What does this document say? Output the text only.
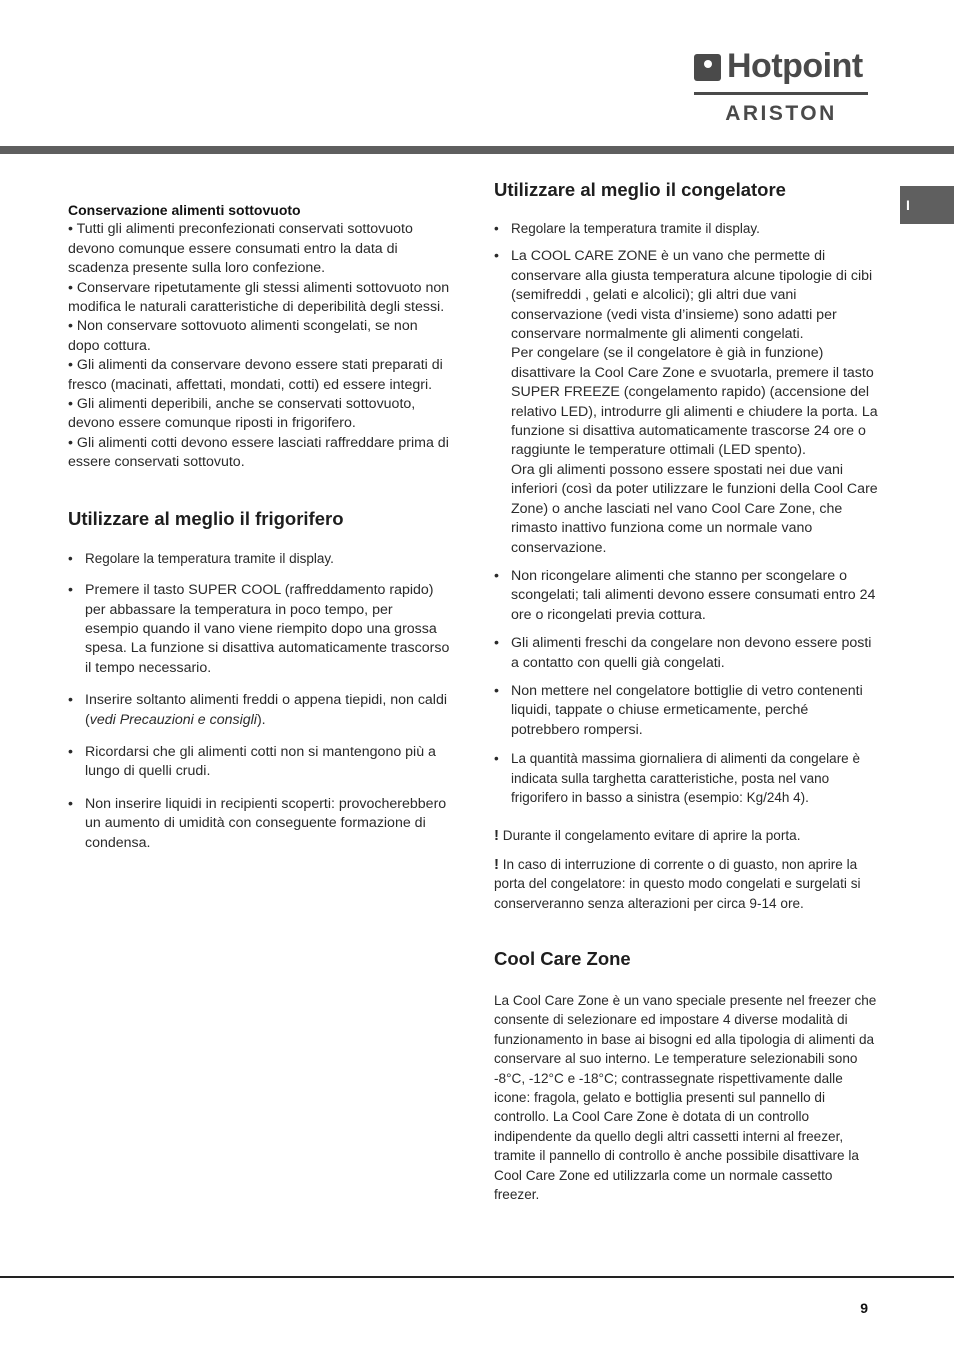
Hotpoint
ARISTON
I

Conservazione alimenti sottovuoto

• Tutti gli alimenti preconfezionati conservati sottovuoto devono comunque essere consumati entro la data di scadenza presente sulla loro confezione.

• Conservare ripetutamente gli stessi alimenti sottovuoto non modifica le naturali caratteristiche di deperibilità degli stessi.

• Non conservare sottovuoto alimenti scongelati, se non dopo cottura.

• Gli alimenti da conservare devono essere stati preparati di fresco (macinati, affettati, mondati, cotti) ed essere integri.

• Gli alimenti deperibili, anche se conservati sottovuoto, devono essere comunque riposti in frigorifero.

• Gli alimenti cotti devono essere lasciati raffreddare prima di essere conservati sottovuto.

Utilizzare al meglio il frigorifero
• Regolare la temperatura tramite il display.
• Premere il tasto SUPER COOL (raffreddamento rapido) per abbassare la temperatura in poco tempo, per esempio quando il vano viene riempito dopo una grossa spesa. La funzione si disattiva automaticamente trascorso il tempo necessario.
• Inserire soltanto alimenti freddi o appena tiepidi, non caldi (vedi Precauzioni e consigli).
• Ricordarsi che gli alimenti cotti non si mantengono più a lungo di quelli crudi.
• Non inserire liquidi in recipienti scoperti: provocherebbero un aumento di umidità con conseguente formazione di condensa.
Utilizzare al meglio il congelatore
• Regolare la temperatura tramite il display.
• La COOL CARE ZONE è un vano che permette di conservare alla giusta temperatura alcune tipologie di cibi (semifreddi , gelati e alcolici); gli altri due vani conservazione (vedi vista d’insieme) sono adatti per conservare normalmente gli alimenti congelati.
Per congelare (se il congelatore è già in funzione) disattivare la Cool Care Zone e svuotarla, premere il tasto SUPER FREEZE (congelamento rapido) (accensione del relativo LED), introdurre gli alimenti e chiudere la porta. La funzione si disattiva automaticamente trascorse 24 ore o raggiunte le temperature ottimali (LED spento).
Ora gli alimenti possono essere spostati nei due vani inferiori (così da poter utilizzare le funzioni della Cool Care Zone) o anche lasciati nel vano Cool Care Zone, che rimasto inattivo funziona come un normale vano conservazione.
• Non ricongelare alimenti che stanno per scongelare o scongelati; tali alimenti devono essere consumati entro 24 ore o ricongelati previa cottura.
• Gli alimenti freschi da congelare non devono essere posti a contatto con quelli già congelati.
• Non mettere nel congelatore bottiglie di vetro contenenti liquidi, tappate o chiuse ermeticamente, perché potrebbero rompersi.
• La quantità massima giornaliera di alimenti da congelare è indicata sulla targhetta caratteristiche, posta nel vano frigorifero in basso a sinistra (esempio: Kg/24h 4).

! Durante il congelamento evitare di aprire la porta.

! In caso di interruzione di corrente o di guasto, non aprire la porta del congelatore: in questo modo congelati e surgelati si conserveranno senza alterazioni per circa 9-14 ore.

Cool Care Zone

La Cool Care Zone è un vano speciale presente nel freezer che consente di selezionare ed impostare 4 diverse modalità di funzionamento in base ai bisogni ed alla tipologia di alimenti da conservare al suo interno. Le temperature selezionabili sono -8°C, -12°C e -18°C; contrassegnate rispettivamente dalle icone: fragola, gelato e bottiglia presenti sul pannello di controllo. La Cool Care Zone è dotata di un controllo indipendente da quello degli altri cassetti interni al freezer, tramite il pannello di controllo è anche possibile disattivare la Cool Care Zone ed utilizzarla come un normale cassetto freezer.

9
